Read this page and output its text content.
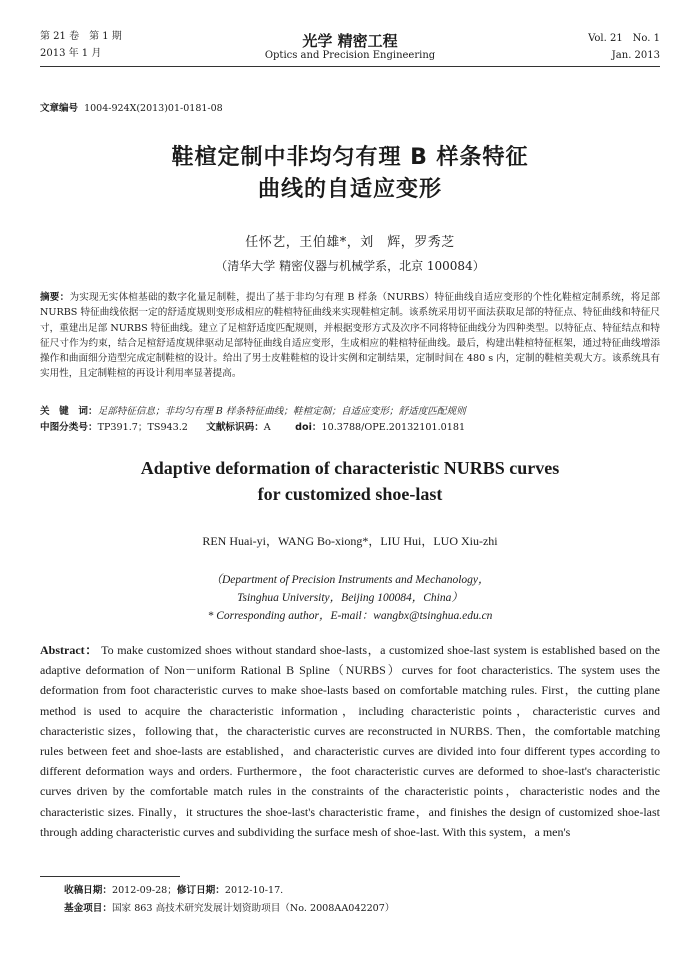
第 21 卷　第 1 期
2013 年 1 月
光学 精密工程
Optics and Precision Engineering
Vol. 21　No. 1
Jan. 2013
文章编号 1004-924X(2013)01-0181-08
鞋楦定制中非均匀有理 B 样条特征
曲线的自适应变形
任怀艺，王伯雄*，刘　辉，罗秀芝
（清华大学 精密仪器与机械学系，北京 100084）
摘要：为实现无实体楦基础的数字化量足制鞋，提出了基于非均匀有理 B 样条（NURBS）特征曲线自适应变形的个性化鞋楦定制系统，将足部 NURBS 特征曲线依据一定的舒适度规则变形成相应的鞋楦特征曲线来实现鞋楦定制。该系统采用切平面法获取足部的特征点、特征曲线和特征尺寸，重建出足部 NURBS 特征曲线。建立了足楦舒适度匹配规则，并根据变形方式及次序不同将特征曲线分为四种类型。以特征点、特征结点和特征尺寸作为约束，结合足楦舒适度规律驱动足部特征曲线自适应变形，生成相应的鞋楦特征曲线。最后，构建出鞋楦特征框架，通过特征曲线增添操作和曲面细分造型完成定制鞋楦的设计。给出了男士皮鞋鞋楦的设计实例和定制结果，定制时间在 480 s 内，定制的鞋楦美观大方。该系统具有实用性，且定制鞋楦的再设计利用率显著提高。
关　键　词：足部特征信息；非均匀有理 B 样条特征曲线；鞋楦定制；自适应变形；舒适度匹配规则
中图分类号：TP391.7；TS943.2 文献标识码：A	doi：10.3788/OPE.20132101.0181
Adaptive deformation of characteristic NURBS curves
for customized shoe-last
REN Huai-yi，WANG Bo-xiong*，LIU Hui，LUO Xiu-zhi
（Department of Precision Instruments and Mechanology，
Tsinghua University，Beijing 100084，China）
* Corresponding author，E-mail：wangbx@tsinghua.edu.cn
Abstract： To make customized shoes without standard shoe-lasts，a customized shoe-last system is established based on the adaptive deformation of Non－uniform Rational B Spline（NURBS）curves for foot characteristics. The system uses the deformation from foot characteristic curves to make shoe-lasts based on comfortable matching rules. First，the cutting plane method is used to acquire the characteristic information，including characteristic points，characteristic curves and characteristic sizes，following that，the characteristic curves are reconstructed in NURBS. Then，the comfortable matching rules between feet and shoe-lasts are established，and characteristic curves are divided into four different types according to different deformation ways and orders. Furthermore，the foot characteristic curves are deformed to shoe-last's characteristic curves driven by the comfortable match rules in the constraints of the characteristic points，characteristic nodes and the characteristic sizes. Finally，it structures the shoe-last's characteristic frame，and finishes the design of customized shoe-last through adding characteristic curves and subdividing the surface mesh of shoe-last. With this system，a men's
收稿日期：2012-09-28；修订日期：2012-10-17.
基金项目：国家 863 高技术研究发展计划资助项目（No. 2008AA042207）
